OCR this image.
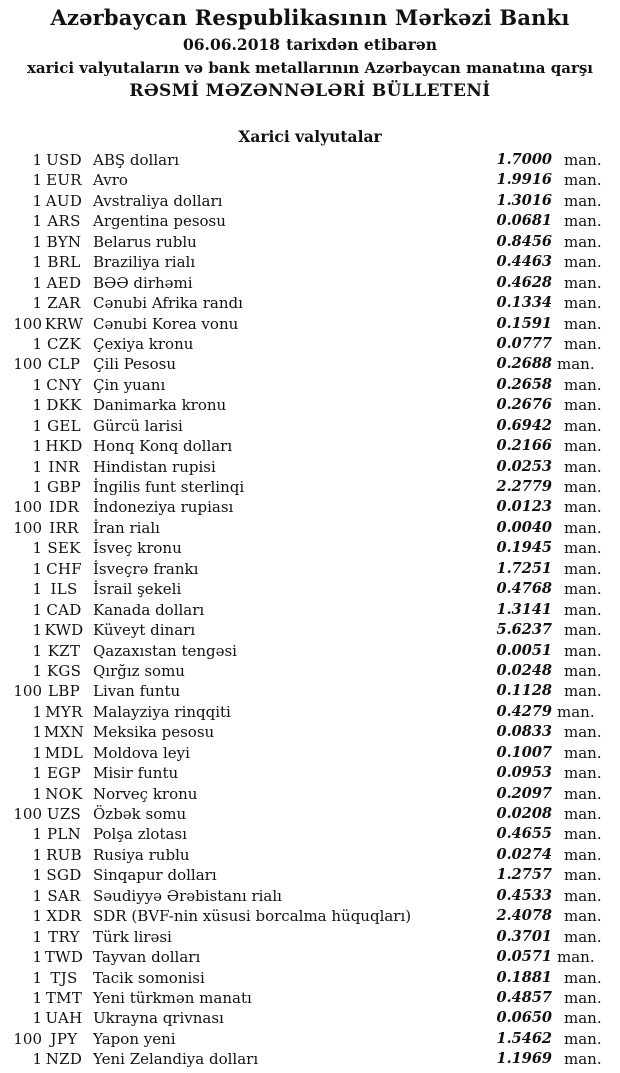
Azərbaycan Respublikasının Mərkəzi Bankı
06.06.2018 tarixdən etibarən
xarici valyutaların və bank metallarının Azərbaycan manatına qarşı
RƏSMİ MƏZƏNNƏLƏRİ BÜLLETENİ
Xarici valyutalar
1 USD ABŞ dolları	1.7000 man.
1 EUR Avro	1.9916 man.
1 AUD Avstraliya dolları	1.3016 man.
1 ARS Argentina pesosu	0.0681 man.
1 BYN Belarus rublu	0.8456 man.
1 BRL Braziliya rialı	0.4463 man.
1 AED BƏƏ dirhəmi	0.4628 man.
1 ZAR Cənubi Afrika randı	0.1334 man.
100 KRW Cənubi Korea vonu	0.1591 man.
1 CZK Çexiya kronu	0.0777 man.
100 CLP Çili Pesosu	0.2688 man.
1 CNY Çin yuanı	0.2658 man.
1 DKK Danimarka kronu	0.2676 man.
1 GEL Gürcü larisi	0.6942 man.
1 HKD Honq Konq dolları	0.2166 man.
1 INR Hindistan rupisi	0.0253 man.
1 GBP İngilis funt sterlinqi	2.2779 man.
100 IDR İndoneziya rupiası	0.0123 man.
100 IRR İran rialı	0.0040 man.
1 SEK İsveç kronu	0.1945 man.
1 CHF İsveçrə frankı	1.7251 man.
1 ILS	İsrail şekeli	0.4768 man.
1 CAD Kanada dolları	1.3141 man.
1 KWD Küveyt dinarı	5.6237 man.
1 KZT Qazaxıstan tengəsi	0.0051 man.
1 KGS Qırğız somu	0.0248 man.
100 LBP Livan funtu	0.1128 man.
1 MYR Malayziya rinqqiti	0.4279 man.
1 MXN Meksika pesosu	0.0833 man.
1 MDL Moldova leyi	0.1007 man.
1 EGP Misir funtu	0.0953 man.
1 NOK Norveç kronu	0.2097 man.
100 UZS Özbək somu	0.0208 man.
1 PLN Polşa zlotası	0.4655 man.
1 RUB Rusiya rublu	0.0274 man.
1 SGD Sinqapur dolları	1.2757 man.
1 SAR Səudiyyə Ərəbistanı rialı	0.4533 man.
1 XDR SDR (BVF-nin xüsusi borcalma hüquqları)	2.4078 man.
1 TRY Türk lirəsi	0.3701 man.
1 TWD Tayvan dolları	0.0571 man.
1 TJS	Tacik somonisi	0.1881 man.
1 TMT Yeni türkmən manatı	0.4857 man.
1 UAH Ukrayna qrivnası	0.0650 man.
100 JPY	Yapon yeni	1.5462 man.
1 NZD Yeni Zelandiya dolları	1.1969 man.
